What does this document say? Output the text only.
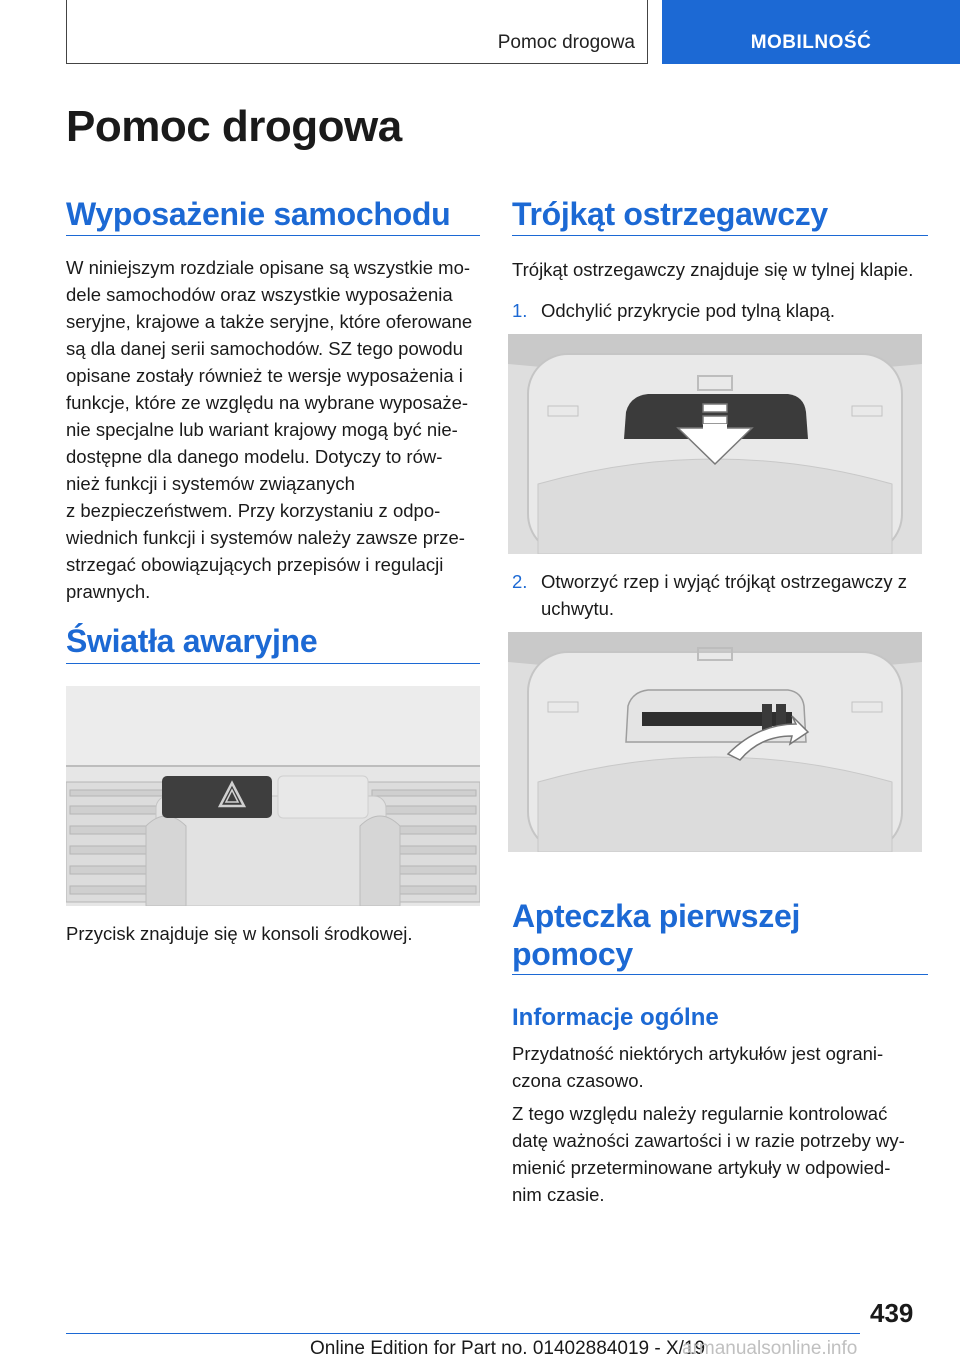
Pomoc drogowa	MOBILNOŚĆ
Pomoc drogowa
Wyposażenie samochodu
W niniejszym rozdziale opisane są wszystkie mo-
dele samochodów oraz wszystkie wyposażenia
seryjne, krajowe a także seryjne, które oferowane
są dla danej serii samochodów. SZ tego powodu
opisane zostały również te wersje wyposażenia i
funkcje, które ze względu na wybrane wyposaże-
nie specjalne lub wariant krajowy mogą być nie-
dostępne dla danego modelu. Dotyczy to rów-
nież funkcji i systemów związanych
z bezpieczeństwem. Przy korzystaniu z odpo-
wiednich funkcji i systemów należy zawsze prze-
strzegać obowiązujących przepisów i regulacji
prawnych.
Światła awaryjne
Przycisk znajduje się w konsoli środkowej.
Trójkąt ostrzegawczy
Trójkąt ostrzegawczy znajduje się w tylnej klapie.
1. Odchylić przykrycie pod tylną klapą.
2. Otworzyć rzep i wyjąć trójkąt ostrzegawczy z
uchwytu.
Apteczka pierwszej
pomocy
Informacje ogólne
Przydatność niektórych artykułów jest ograni-
czona czasowo.
Z tego względu należy regularnie kontrolować
datę ważności zawartości i w razie potrzeby wy-
mienić przeterminowane artykuły w odpowied-
nim czasie.
439
Online Edition for Part no. 01402884019 - X/19
armanualsonline.info
